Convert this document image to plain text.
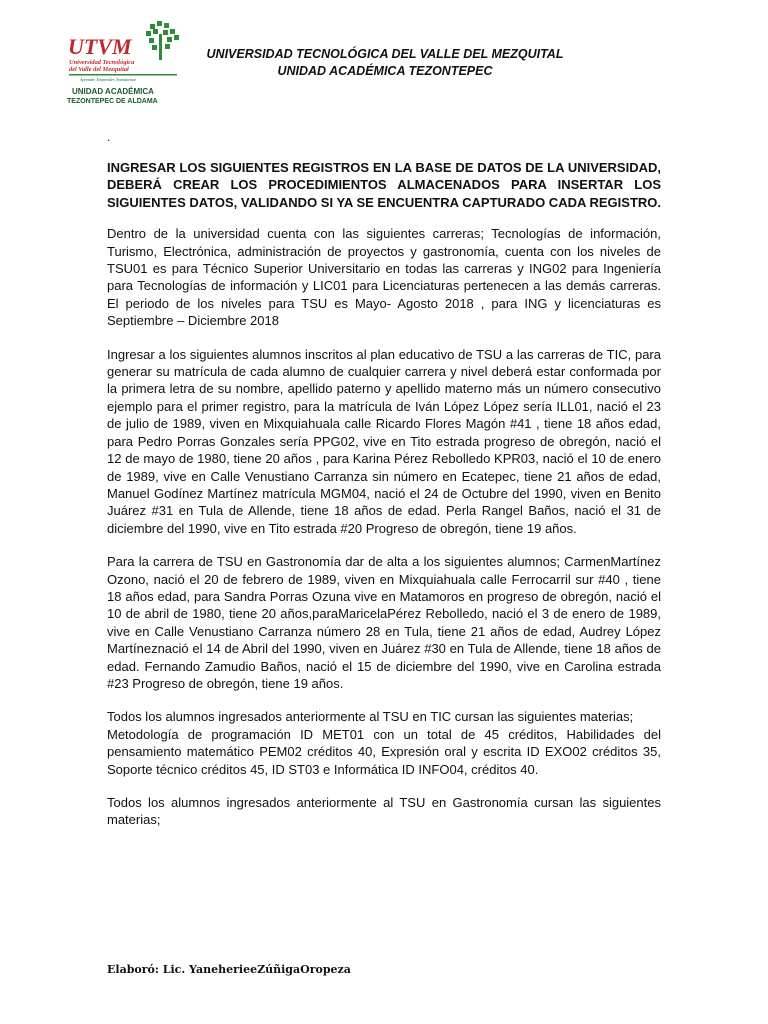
UTVM
Universidad Tecnológica
del Valle del Mezquital
Aprender, Emprender, Transformar
UNIDAD ACADÉMICA
TEZONTEPEC DE ALDAMA
UNIVERSIDAD TECNOLÓGICA DEL VALLE DEL MEZQUITAL
UNIDAD ACADÉMICA TEZONTEPEC
.

INGRESAR LOS SIGUIENTES REGISTROS EN LA BASE DE DATOS DE LA UNIVERSIDAD, DEBERÁ CREAR LOS PROCEDIMIENTOS ALMACENADOS PARA INSERTAR LOS SIGUIENTES DATOS, VALIDANDO SI YA SE ENCUENTRA CAPTURADO CADA REGISTRO.

Dentro de la universidad cuenta con las siguientes carreras; Tecnologías de información, Turismo, Electrónica, administración de proyectos y gastronomía, cuenta con los niveles de TSU01 es para Técnico Superior Universitario en todas las carreras y ING02 para Ingeniería para Tecnologías de información y LIC01 para Licenciaturas pertenecen a las demás carreras. El periodo de los niveles para TSU es Mayo- Agosto 2018 , para ING y licenciaturas es Septiembre – Diciembre 2018

Ingresar a los siguientes alumnos inscritos al plan educativo de TSU a las carreras de TIC, para generar su matrícula de cada alumno de cualquier carrera y nivel deberá estar conformada por la primera letra de su nombre, apellido paterno y apellido materno más un número consecutivo ejemplo para el primer registro, para la matrícula de Iván López López sería ILL01, nació el 23 de julio de 1989, viven en Mixquiahuala calle Ricardo Flores Magón #41 , tiene 18 años edad, para Pedro Porras Gonzales sería PPG02, vive en Tito estrada progreso de obregón, nació el 12 de mayo de 1980, tiene 20 años , para Karina Pérez Rebolledo KPR03, nació el 10 de enero de 1989, vive en Calle Venustiano Carranza sin número en Ecatepec, tiene 21 años de edad, Manuel Godínez Martínez matrícula MGM04, nació el 24 de Octubre del 1990, viven en Benito Juárez #31 en Tula de Allende, tiene 18 años de edad. Perla Rangel Baños, nació el 31 de diciembre del 1990, vive en Tito estrada #20 Progreso de obregón, tiene 19 años.

Para la carrera de TSU en Gastronomía dar de alta a los siguientes alumnos; CarmenMartínez Ozono, nació el 20 de febrero de 1989, viven en Mixquiahuala calle Ferrocarril sur #40 , tiene 18 años edad, para Sandra Porras Ozuna vive en Matamoros en progreso de obregón, nació el 10 de abril de 1980, tiene 20 años,paraMaricelaPérez Rebolledo, nació el 3 de enero de 1989, vive en Calle Venustiano Carranza número 28 en Tula, tiene 21 años de edad, Audrey López Martíneznació el 14 de Abril del 1990, viven en Juárez #30 en Tula de Allende, tiene 18 años de edad. Fernando Zamudio Baños, nació el 15 de diciembre del 1990, vive en Carolina estrada #23 Progreso de obregón, tiene 19 años.

Todos los alumnos ingresados anteriormente al TSU en TIC cursan las siguientes materias;

Metodología de programación ID MET01 con un total de 45 créditos, Habilidades del pensamiento matemático PEM02 créditos 40, Expresión oral y escrita ID EXO02 créditos 35, Soporte técnico créditos 45, ID ST03 e Informática ID INFO04, créditos 40.

Todos los alumnos ingresados anteriormente al TSU en Gastronomía cursan las siguientes materias;

Elaboró: Lic. YaneherieeZúñigaOropeza
